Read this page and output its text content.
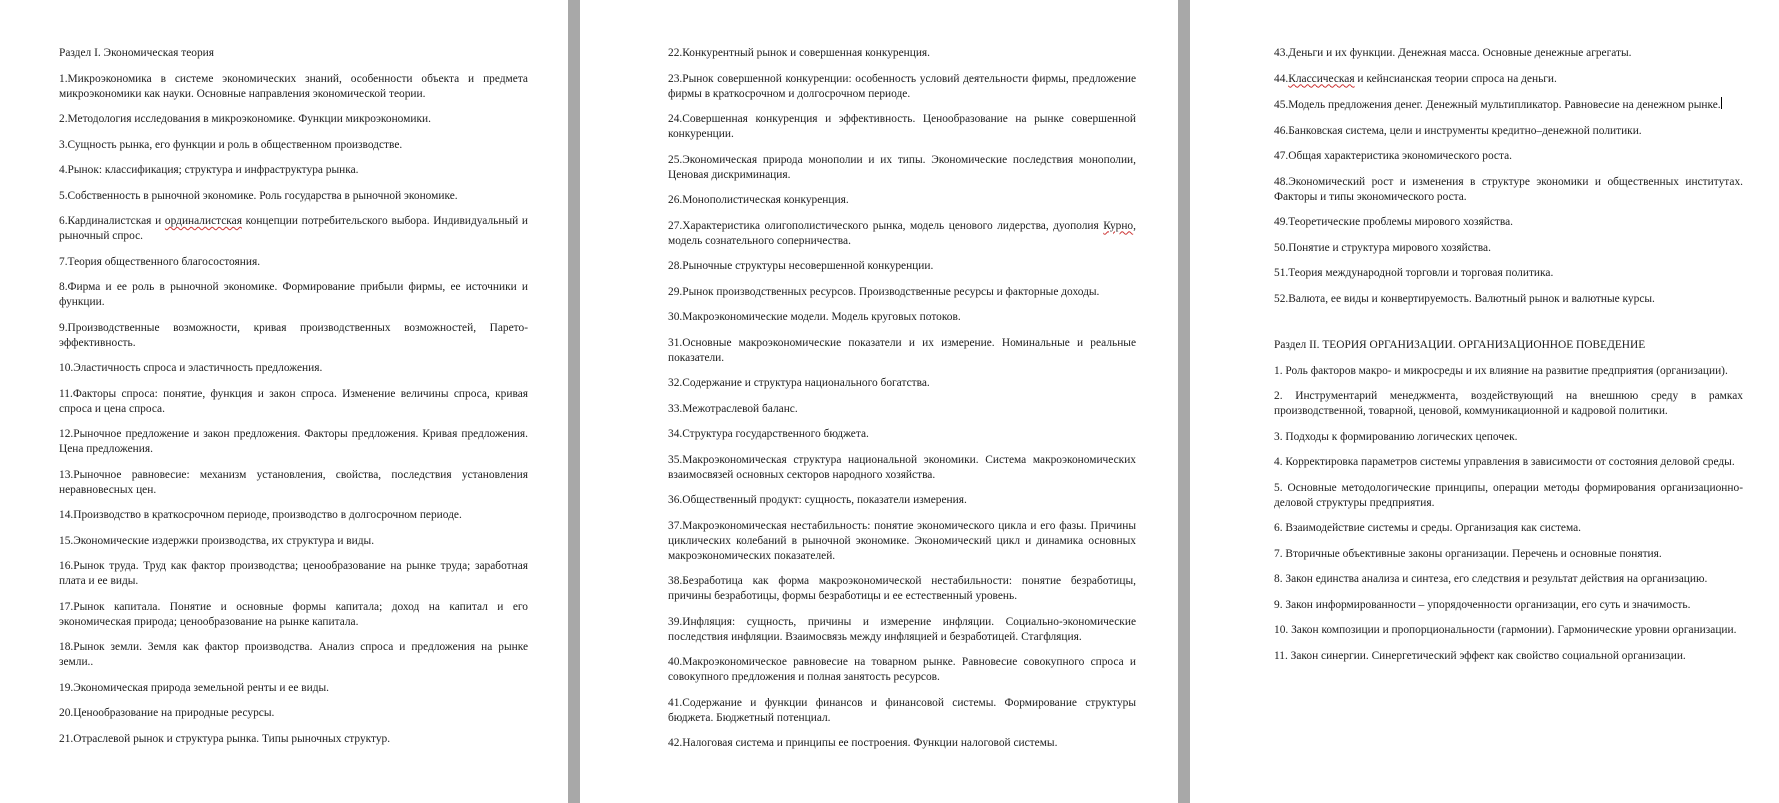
Раздел I. Экономическая теория

1.Микроэкономика в системе экономических знаний, особенности объекта и предмета микроэкономики как науки. Основные направления экономической теории.

2.Методология исследования в микроэкономике. Функции микроэкономики.

3.Сущность рынка, его функции и роль в общественном производстве.

4.Рынок: классификация; структура и инфраструктура рынка.

5.Собственность в рыночной экономике. Роль государства в рыночной экономике.

6.Кардиналистская и ординалистская концепции потребительского выбора. Индивидуальный и рыночный спрос.

7.Теория общественного благосостояния.

8.Фирма и ее роль в рыночной экономике. Формирование прибыли фирмы, ее источники и функции.

9.Производственные возможности, кривая производственных возможностей, Парето-эффективность.

10.Эластичность спроса и эластичность предложения.

11.Факторы спроса: понятие, функция и закон спроса. Изменение величины спроса, кривая спроса и цена спроса.

12.Рыночное предложение и закон предложения. Факторы предложения. Кривая предложения. Цена предложения.

13.Рыночное равновесие: механизм установления, свойства, последствия установления неравновесных цен.

14.Производство в краткосрочном периоде, производство в долгосрочном периоде.

15.Экономические издержки производства, их структура и виды.

16.Рынок труда. Труд как фактор производства; ценообразование на рынке труда; заработная плата и ее виды.

17.Рынок капитала. Понятие и основные формы капитала; доход на капитал и его экономическая природа; ценообразование на рынке капитала.

18.Рынок земли. Земля как фактор производства. Анализ спроса и предложения на рынке земли..

19.Экономическая природа земельной ренты и ее виды.

20.Ценообразование на природные ресурсы.

21.Отраслевой рынок и структура рынка. Типы рыночных структур.

22.Конкурентный рынок и совершенная конкуренция.

23.Рынок совершенной конкуренции: особенность условий деятельности фирмы, предложение фирмы в краткосрочном и долгосрочном периоде.

24.Совершенная конкуренция и эффективность. Ценообразование на рынке совершенной конкуренции.

25.Экономическая природа монополии и их типы. Экономические последствия монополии, Ценовая дискриминация.

26.Монополистическая конкуренция.

27.Характеристика олигополистического рынка, модель ценового лидерства, дуополия Курно, модель сознательного соперничества.

28.Рыночные структуры несовершенной конкуренции.

29.Рынок производственных ресурсов. Производственные ресурсы и факторные доходы.

30.Макроэкономические модели. Модель круговых потоков.

31.Основные макроэкономические показатели и их измерение. Номинальные и реальные показатели.

32.Содержание и структура национального богатства.

33.Межотраслевой баланс.

34.Структура государственного бюджета.

35.Макроэкономическая структура национальной экономики. Система макроэкономических взаимосвязей основных секторов народного хозяйства.

36.Общественный продукт: сущность, показатели измерения.

37.Макроэкономическая нестабильность: понятие экономического цикла и его фазы. Причины циклических колебаний в рыночной экономике. Экономический цикл и динамика основных макроэкономических показателей.

38.Безработица как форма макроэкономической нестабильности: понятие безработицы, причины безработицы, формы безработицы и ее естественный уровень.

39.Инфляция: сущность, причины и измерение инфляции. Социально-экономические последствия инфляции. Взаимосвязь между инфляцией и безработицей. Стагфляция.

40.Макроэкономическое равновесие на товарном рынке. Равновесие совокупного спроса и совокупного предложения и полная занятость ресурсов.

41.Содержание и функции финансов и финансовой системы. Формирование структуры бюджета. Бюджетный потенциал.

42.Налоговая система и принципы ее построения. Функции налоговой системы.

43.Деньги и их функции. Денежная масса. Основные денежные агрегаты.

44.Классическая и кейнсианская теории спроса на деньги.

45.Модель предложения денег. Денежный мультипликатор. Равновесие на денежном рынке.

46.Банковская система, цели и инструменты кредитно–денежной политики.

47.Общая характеристика экономического роста.

48.Экономический рост и изменения в структуре экономики и общественных институтах. Факторы и типы экономического роста.

49.Теоретические проблемы мирового хозяйства.

50.Понятие и структура мирового хозяйства.

51.Теория международной торговли и торговая политика.

52.Валюта, ее виды и конвертируемость. Валютный рынок и валютные курсы.

Раздел II. ТЕОРИЯ ОРГАНИЗАЦИИ. ОРГАНИЗАЦИОННОЕ ПОВЕДЕНИЕ

1. Роль факторов макро- и микросреды и их влияние на развитие предприятия (организации).

2. Инструментарий менеджмента, воздействующий на внешнюю среду в рамках производственной, товарной, ценовой, коммуникационной и кадровой политики.

3. Подходы к формированию логических цепочек.

4. Корректировка параметров системы управления в зависимости от состояния деловой среды.

5. Основные методологические принципы, операции методы формирования организационно-деловой структуры предприятия.

6. Взаимодействие системы и среды. Организация как система.

7. Вторичные объективные законы организации. Перечень и основные понятия.

8. Закон единства анализа и синтеза, его следствия и результат действия на организацию.

9. Закон информированности – упорядоченности организации, его суть и значимость.

10. Закон композиции и пропорциональности (гармонии). Гармонические уровни организации.

11. Закон синергии. Синергетический эффект как свойство социальной организации.
